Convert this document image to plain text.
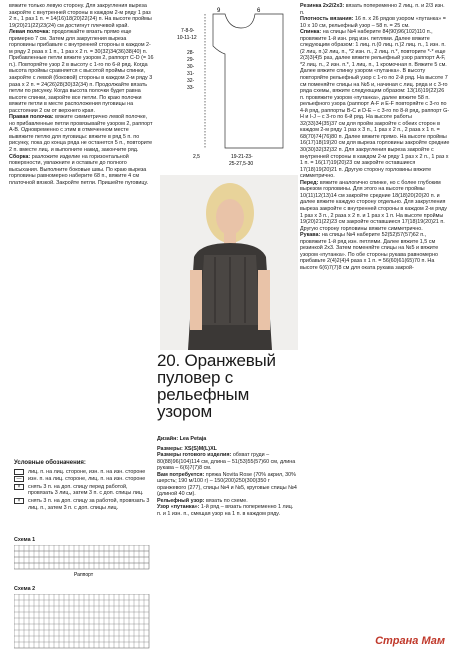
вяжите только левую сторону. Для закругления выреза закройте с внутренней стороны в каждом 2-м ряду 1 раз 2 п., 1 раз 1 п. = 14(16)18(20)22(24) п. На высоте проймы 19(20)21(22)23(24) см достигнут плечевой край.

Левая полочка: продолжайте вязать прямо еще примерно 7 см. Затем для закругления выреза горловины прибавьте с внутренней стороны в каждом 2-м ряду 2 раза x 1 п., 1 раз x 2 п. = 30(32)34(36)38(40) п. Прибавленные петли вяжите узором 2, раппорт С-D (= 16 п.). Повторяйте узор 2 в высоту с 1-го по 6-й ряд. Когда высота проймы сравняется с высотой проймы спинки, закройте с левой (боковой) стороны в каждом 2-м ряду 3 раза x 2 п. = 24(26)28(30)32(34) п. Продолжайте вязать петли по рисунку. Когда высота полочки будет равна высоте спинки, закройте все петли. По краю полочки вяжите петли в месте расположения пуговицы на расстоянии 2 см от верхнего края.

Правая полочка: вяжите симметрично левой полочке, но прибавленные петли провязывайте узором 2, раппорт A-B. Одновременно с этим в отмеченном месте вывяжите петлю для пуговицы: вяжите в ряд 5 п. по рисунку, покa до конца ряда не останется 5 п., повторите 2 п. вместе лиц. и выполните накид, закончите ряд.

Сборка: разложите изделие на горизонтальной поверхности, увлажните и оставьте до полного высыхания. Выполните боковые швы. По краю выреза горловины равномерно наберите 68 п., вяжите 4 см платочной вязкой. Закройте петли. Пришейте пуговицу.

Условные обозначения:
лиц. п. на лиц. стороне, изн. п. на изн. стороне
—	изн. п. на лиц. стороне, лиц. п. на изн. стороне
×	снять 3 п. на доп. спицу перед работой, провязать 3 лиц., затем 3 п. с доп. спицы лиц.
×	снять 3 п. на доп. спицу за работой, провязать 3 лиц. п., затем 3 п. с доп. спицы лиц.
Схема 1
Раппорт
Схема 2
9	6
7-8-9-
10-11-12
28-
29-
30-
31-
32-
33-
2,5	19-21-23-
25-27,5-30
20. Оранжевый пуловер с рельефным узором

Дизайн: Lea Petaja

Размеры: XS(S)M(L)XL

Размеры готового изделия: обхват груди – 80(88)96(104)114 см, длина – 51(53)55(57)60 см, длина рукава – 6(6)7(7)8 см.

Вам потребуется: пряжа Novita Rose (70% акрил, 30% шерсть; 190 м/100 г) – 150(200)250(300)350 г оранжевого (277), спицы №4 и №5, круговые спицы №4 (длиной 40 см).

Рельефный узор: вязать по схеме.

Узор «путанка»: 1-й ряд – вязать попеременно 1 лиц. п. и 1 изн. п., смещая узор на 1 п. в каждом ряду.

Резинка 2x2/2x3: вязать попеременно 2 лиц. п. и 2/3 изн. п.

Плотность вязания: 16 п. x 26 рядов узором «путанка» = 10 x 10 см, рельефный узор – 58 п. = 25 см.

Спинка: на спицы №4 наберите 84(90)96(102)110 п., провяжите 1-й изн. ряд изн. петлями. Далее вяжите следующим образом: 1 лиц. п.(0 лиц. п.)2 лиц. п., 1 изн. п.(2 лиц. п.)2 лиц. п., *2 изн. п., 2 лиц. п.*, повторите *-* еще 2(3)3(4)5 раз, далее вяжите рельефный узор раппорт A-F, *2 лиц. п., 2 изн. п.*, 1 лиц. п., 1 кромочная п. Вяжите 5 см. Далее вяжите спинку узором «путанка». В высоту повторяйте рельефный узор с 1-го по 2-й ряд. На высоте 7 см поменяйте спицы на №5 и, начиная с лиц. ряда и с 3-го ряда схемы, вяжите следующим образом: 13(16)19(22)26 п. провяжите узором «путанка», далее вяжите 58 п. рельефного узора (раппорт A-F и E-F повторяйте с 3-го по 4-й ряд, раппорты В-С и D-E – с 3-го по 8-й ряд, раппорт G-H и I-J – с 3-го по 6-й ряд. На высоте работы 32(33)34(35)37 см для пройм закройте с обеих сторон в каждом 2-м ряду 1 раз x 3 п., 1 раз x 2 п., 2 раза x 1 п. = 68(70)74(76)80 п. Далее вяжите прямо. На высоте проймы 16(17)18(19)20 см для выреза горловины закройте средние 30(30)32(32)32 п. Для закругления выреза закройте с внутренней стороны в каждом 2-м ряду 1 раз x 2 п., 1 раз x 1 п. = 16(17)19(20)23 см закройте оставшиеся 17(18)19(20)21 п. Другую сторону горловины вяжите симметрично.

Перед: вяжите аналогично спинке, но с более глубоким вырезом горловины. Для этого на высоте проймы 10(11)12(13)14 см закройте средние 18(18)20(20)20 п. и далее вяжите каждую сторону отдельно. Для закругления выреза закройте с внутренней стороны в каждом 2-м ряду 1 раз x 3 п., 2 раза x 2 п. и 1 раз x 1 п. На высоте проймы 19(20)21(22)23 см закройте оставшиеся 17(18)19(20)21 п. Другую сторону горловины вяжите симметрично.

Рукава: на спицы №4 наберите 52(52)57(57)62 п., провяжите 1-й ряд изн. петлями. Далее вяжите 1,5 см резинкой 2x3. Затем поменяйте спицы на №5 и вяжите узором «путанка». По обе стороны рукава равномерно прибавьте 2(4)2(4)4 раза x 1 п. = 56(60)61(65)70 п. На высоте 6(6)7(7)8 см для оката рукава закрой-

Страна Мам
